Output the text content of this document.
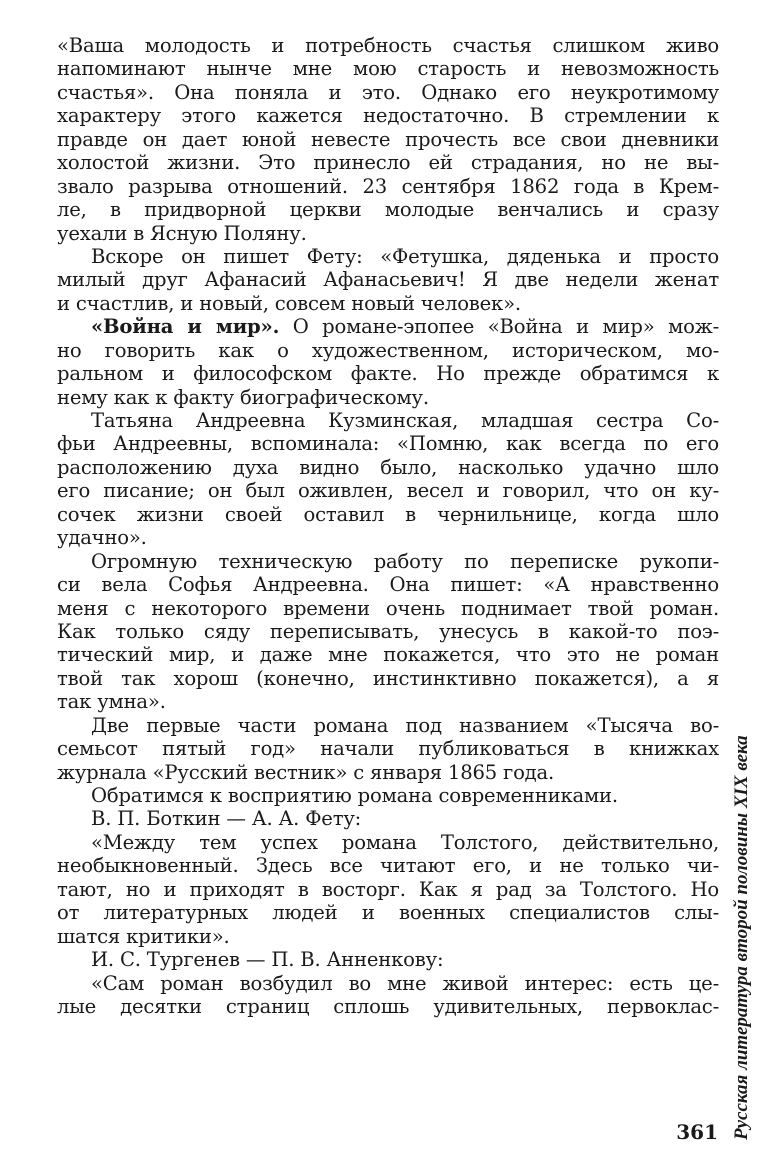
«Ваша молодость и потребность счастья слишком живо
напоминают нынче мне мою старость и невозможность
счастья». Она поняла и это. Однако его неукротимому
характеру этого кажется недостаточно. В стремлении к
правде он дает юной невесте прочесть все свои дневники
холостой жизни. Это принесло ей страдания, но не вы-
звало разрыва отношений. 23 сентября 1862 года в Крем-
ле, в придворной церкви молодые венчались и сразу
уехали в Ясную Поляну.
Вскоре он пишет Фету: «Фетушка, дяденька и просто
милый друг Афанасий Афанасьевич! Я две недели женат
и счастлив, и новый, совсем новый человек».
«Война и мир». О романе-эпопее «Война и мир» мож-
но говорить как о художественном, историческом, мо-
ральном и философском факте. Но прежде обратимся к
нему как к факту биографическому.
Татьяна Андреевна Кузминская, младшая сестра Со-
фьи Андреевны, вспоминала: «Помню, как всегда по его
расположению духа видно было, насколько удачно шло
его писание; он был оживлен, весел и говорил, что он ку-
сочек жизни своей оставил в чернильнице, когда шло
удачно».
Огромную техническую работу по переписке рукопи-
си вела Софья Андреевна. Она пишет: «А нравственно
меня с некоторого времени очень поднимает твой роман.
Как только сяду переписывать, унесусь в какой-то поэ-
тический мир, и даже мне покажется, что это не роман
твой так хорош (конечно, инстинктивно покажется), а я
так умна».
Две первые части романа под названием «Тысяча во-
семьсот пятый год» начали публиковаться в книжках
журнала «Русский вестник» с января 1865 года.
Обратимся к восприятию романа современниками.
В. П. Боткин — А. А. Фету:
«Между тем успех романа Толстого, действительно,
необыкновенный. Здесь все читают его, и не только чи-
тают, но и приходят в восторг. Как я рад за Толстого. Но
от литературных людей и военных специалистов слы-
шатся критики».
И. С. Тургенев — П. В. Анненкову:
«Сам роман возбудил во мне живой интерес: есть це-
лые десятки страниц сплошь удивительных, первоклас- Русская литература второй половины XIX века
361
